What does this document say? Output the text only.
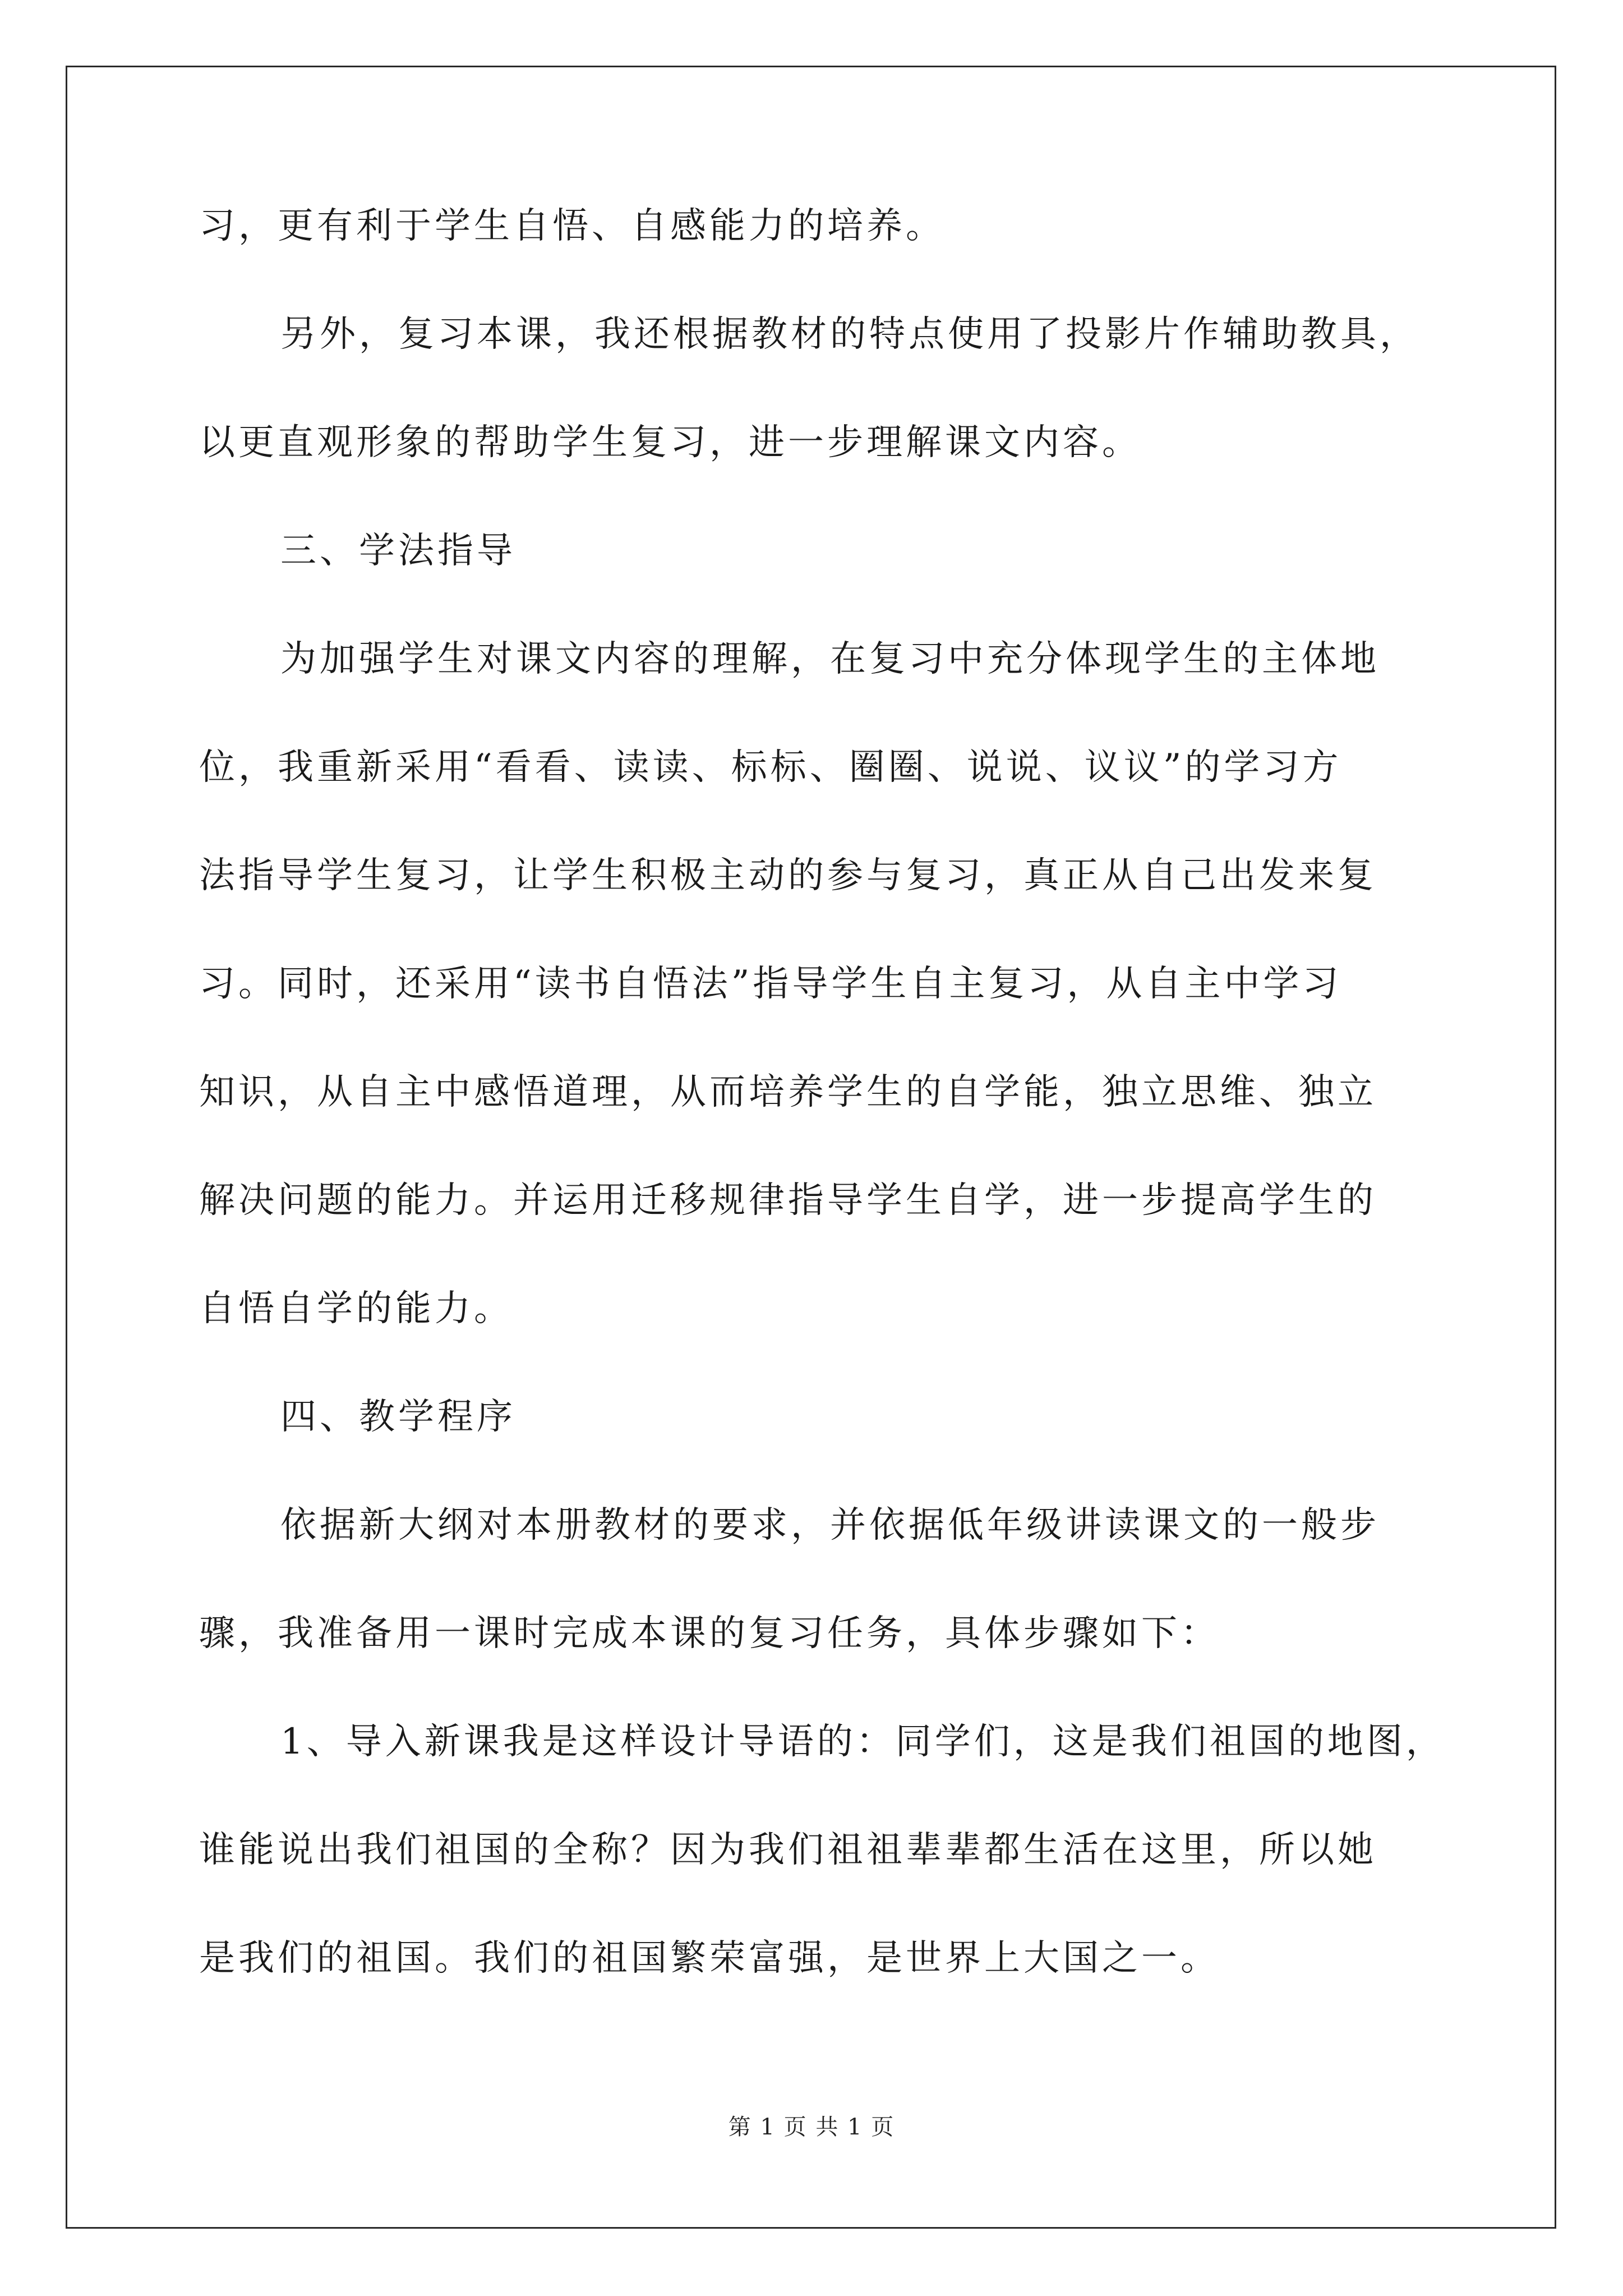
习，更有利于学生自悟、自感能力的培养。
另外，复习本课，我还根据教材的特点使用了投影片作辅助教具，
以更直观形象的帮助学生复习，进一步理解课文内容。
三、学法指导
为加强学生对课文内容的理解，在复习中充分体现学生的主体地
位，我重新采用“看看、读读、标标、圈圈、说说、议议”的学习方
法指导学生复习，让学生积极主动的参与复习，真正从自己出发来复
习。同时，还采用“读书自悟法”指导学生自主复习，从自主中学习
知识，从自主中感悟道理，从而培养学生的自学能，独立思维、独立
解决问题的能力。并运用迁移规律指导学生自学，进一步提高学生的
自悟自学的能力。
四、教学程序
依据新大纲对本册教材的要求，并依据低年级讲读课文的一般步
骤，我准备用一课时完成本课的复习任务，具体步骤如下：
1、导入新课我是这样设计导语的：同学们，这是我们祖国的地图，
谁能说出我们祖国的全称？因为我们祖祖辈辈都生活在这里，所以她
是我们的祖国。我们的祖国繁荣富强，是世界上大国之一。
第 1 页 共 1 页
